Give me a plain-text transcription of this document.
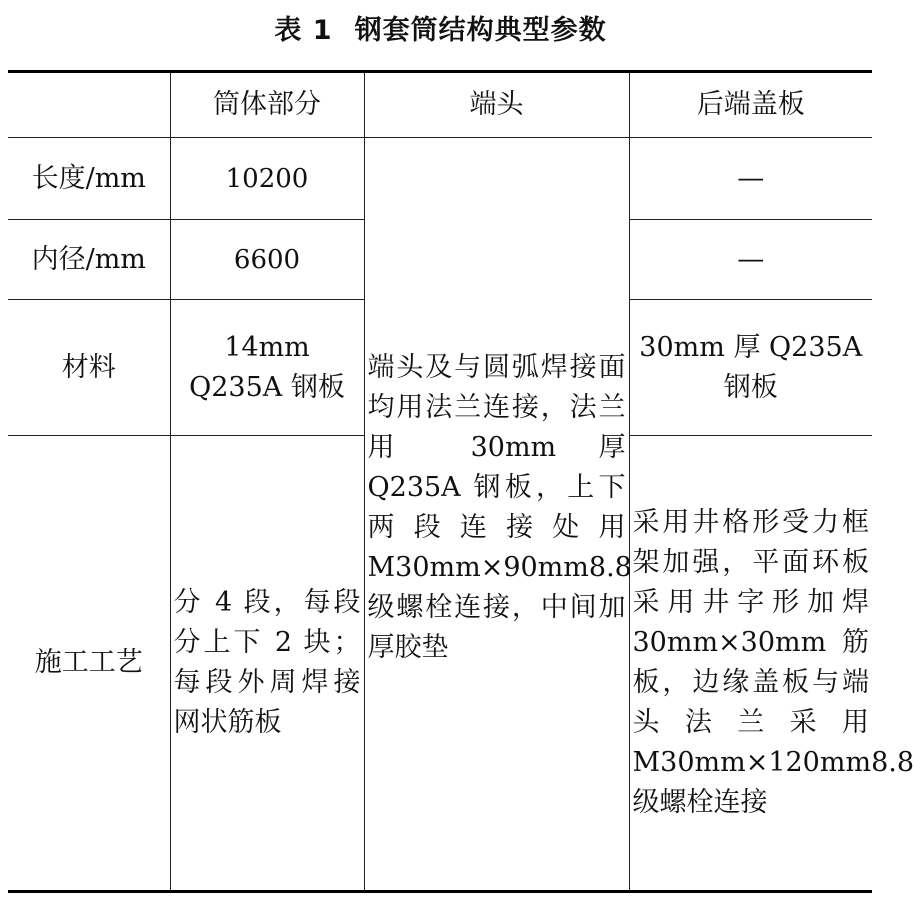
表 1 钢套筒结构典型参数
	筒体部分	端头	后端盖板
长度/mm	10200	端头及与圆弧焊接面均用法兰连接，法兰用 30mm 厚 Q235A 钢板，上下两段连接处用 M30mm×90mm8.8 级螺栓连接，中间加厚胶垫	—
内径/mm	6600		—
材料	14mm Q235A 钢板		30mm 厚 Q235A 钢板
施工工艺	分 4 段，每段分上下 2 块；每段外周焊接网状筋板		采用井格形受力框架加强，平面环板采用井字形加焊 30mm×30mm 筋板，边缘盖板与端头法兰采用 M30mm×120mm8.8 级螺栓连接
